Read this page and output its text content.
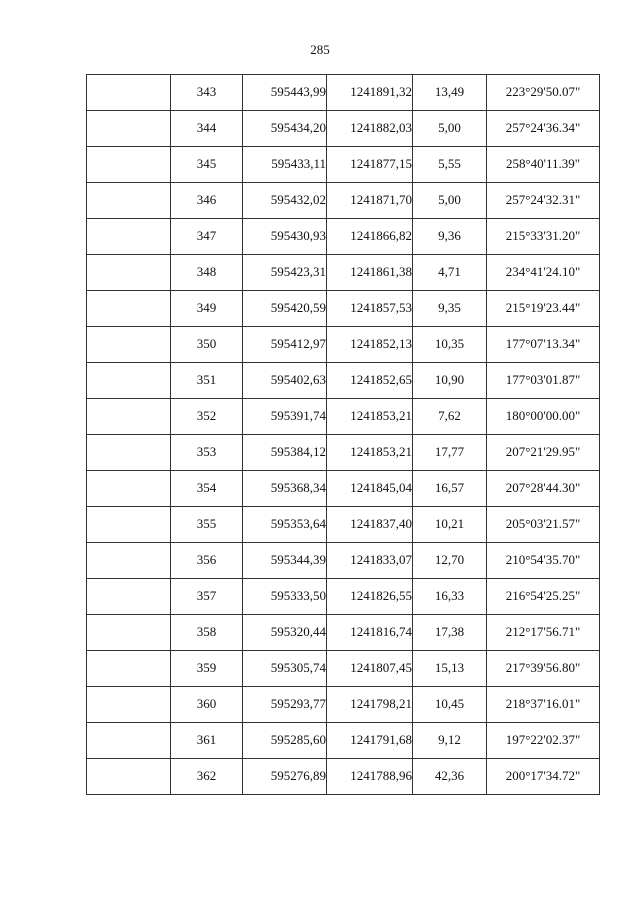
285
	343	595443,99	1241891,32	13,49	223°29'50.07"
	344	595434,20	1241882,03	5,00	257°24'36.34"
	345	595433,11	1241877,15	5,55	258°40'11.39"
	346	595432,02	1241871,70	5,00	257°24'32.31"
	347	595430,93	1241866,82	9,36	215°33'31.20"
	348	595423,31	1241861,38	4,71	234°41'24.10"
	349	595420,59	1241857,53	9,35	215°19'23.44"
	350	595412,97	1241852,13	10,35	177°07'13.34"
	351	595402,63	1241852,65	10,90	177°03'01.87"
	352	595391,74	1241853,21	7,62	180°00'00.00"
	353	595384,12	1241853,21	17,77	207°21'29.95"
	354	595368,34	1241845,04	16,57	207°28'44.30"
	355	595353,64	1241837,40	10,21	205°03'21.57"
	356	595344,39	1241833,07	12,70	210°54'35.70"
	357	595333,50	1241826,55	16,33	216°54'25.25"
	358	595320,44	1241816,74	17,38	212°17'56.71"
	359	595305,74	1241807,45	15,13	217°39'56.80"
	360	595293,77	1241798,21	10,45	218°37'16.01"
	361	595285,60	1241791,68	9,12	197°22'02.37"
	362	595276,89	1241788,96	42,36	200°17'34.72"
